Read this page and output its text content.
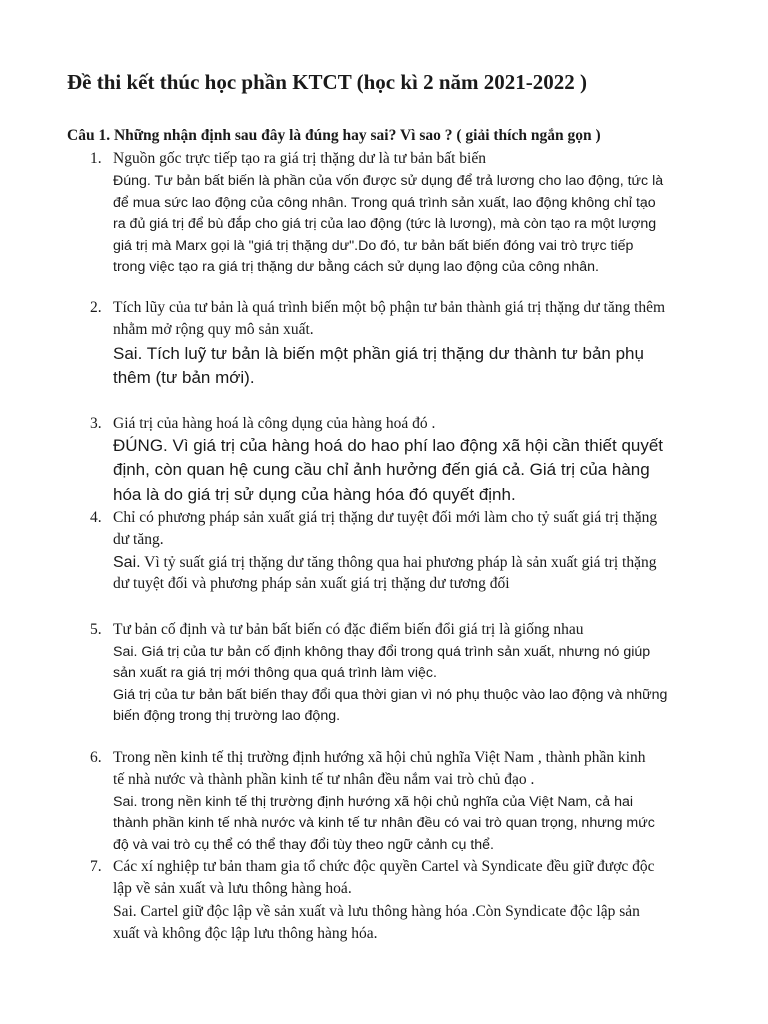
Đề thi kết thúc học phần KTCT (học kì 2 năm 2021-2022 )
Câu 1. Những nhận định sau đây là đúng hay sai? Vì sao ? ( giải thích ngắn gọn )
1. Nguồn gốc trực tiếp tạo ra giá trị thặng dư là tư bản bất biến
Đúng. Tư bản bất biến là phần của vốn được sử dụng để trả lương cho lao động, tức là
để mua sức lao động của công nhân. Trong quá trình sản xuất, lao động không chỉ tạo
ra đủ giá trị để bù đắp cho giá trị của lao động (tức là lương), mà còn tạo ra một lượng
giá trị mà Marx gọi là "giá trị thặng dư".Do đó, tư bản bất biến đóng vai trò trực tiếp
trong việc tạo ra giá trị thặng dư bằng cách sử dụng lao động của công nhân.
2. Tích lũy của tư bản là quá trình biến một bộ phận tư bản thành giá trị thặng dư tăng thêm
nhằm mở rộng quy mô sản xuất.
Sai. Tích luỹ tư bản là biến một phần giá trị thặng dư thành tư bản phụ
thêm (tư bản mới).
3. Giá trị của hàng hoá là công dụng của hàng hoá đó .
ĐÚNG. Vì giá trị của hàng hoá do hao phí lao động xã hội cần thiết quyết
định, còn quan hệ cung cầu chỉ ảnh hưởng đến giá cả. Giá trị của hàng
hóa là do giá trị sử dụng của hàng hóa đó quyết định.
4. Chỉ có phương pháp sản xuất giá trị thặng dư tuyệt đối mới làm cho tỷ suất giá trị thặng
dư tăng.
Sai. Vì tỷ suất giá trị thặng dư tăng thông qua hai phương pháp là sản xuất giá trị thặng
dư tuyệt đối và phương pháp sản xuất giá trị thặng dư tương đối
5. Tư bản cố định và tư bản bất biến có đặc điểm biến đổi giá trị là giống nhau
Sai. Giá trị của tư bản cố định không thay đổi trong quá trình sản xuất, nhưng nó giúp
sản xuất ra giá trị mới thông qua quá trình làm việc.
Giá trị của tư bản bất biến thay đổi qua thời gian vì nó phụ thuộc vào lao động và những
biến động trong thị trường lao động.
6. Trong nền kinh tế thị trường định hướng xã hội chủ nghĩa Việt Nam , thành phần kinh
tế nhà nước và thành phần kinh tế tư nhân đều nắm vai trò chủ đạo .
Sai. trong nền kinh tế thị trường định hướng xã hội chủ nghĩa của Việt Nam, cả hai
thành phần kinh tế nhà nước và kinh tế tư nhân đều có vai trò quan trọng, nhưng mức
độ và vai trò cụ thể có thể thay đổi tùy theo ngữ cảnh cụ thể.
7. Các xí nghiệp tư bản tham gia tổ chức độc quyền Cartel và Syndicate đều giữ được độc
lập về sản xuất và lưu thông hàng hoá.
Sai. Cartel giữ độc lập về sản xuất và lưu thông hàng hóa .Còn Syndicate độc lập sản
xuất và không độc lập lưu thông hàng hóa.
